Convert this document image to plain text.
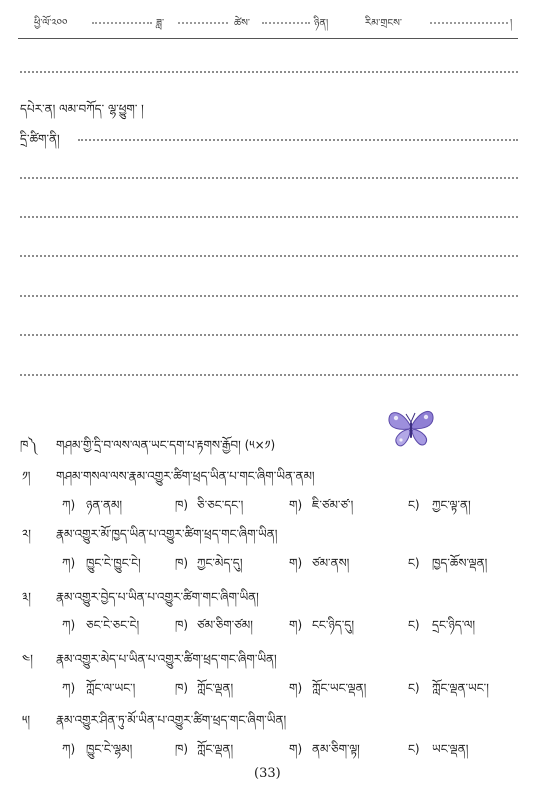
ཕྱི་ལོ་༢༠༠	ཟླ་	ཚེས་	ཉིན།	རིམ་གྲངས་	།
དཔེར་ན། ལམ་བཀོད་ ལྷ་ཕྱུག་ །
དྲི་ཚིག་ནི།
ཁ༽ གཤམ་གྱི་དྲི་བ་ལས་ལན་ཡང་དག་པ་རྟགས་རྒྱོབ། (༥×༡)
༡། གཤམ་གསལ་ལས་རྣམ་འགྱུར་ཚིག་ཕྲད་ཡིན་པ་གང་ཞིག་ཡིན་ནམ།
ཀ) ཉན་ནམ།	ཁ) ཅི་ཅང་དང་།	ག) ཇི་ཙམ་ཙ་།	ང) ཀྱང་ལྟ་ན།
༢། རྣམ་འགྱུར་མོ་ཁྱད་ཡིན་པ་འགྱུར་ཚིག་ཕྲད་གང་ཞིག་ཡིན།
ཀ) ཁྱུང་ངེ་ཁྱུང་ངེ།	ཁ) ཀྱང་མེད་དུ།	ག) ཙམ་ནས།	ང) ཁྱད་ཆོས་ལྡན།
༣། རྣམ་འགྱུར་བྱེད་པ་ཡིན་པ་འགྱུར་ཚིག་གང་ཞིག་ཡིན།
ཀ) ཅང་ངེ་ཅང་ངེ།	ཁ) ཙམ་ཅིག་ཙམ།	ག) ངང་ཉིད་དུ།	ང) དྲང་ཉིད་ལ།
༤། རྣམ་འགྱུར་མེད་པ་ཡིན་པ་འགྱུར་ཚིག་ཕྲད་གང་ཞིག་ཡིན།
ཀ) ཀློང་ལ་ཡང་།	ཁ) ཀློང་ལྡན།	ག) ཀློང་ཡང་ལྡན།	ང) ཀློང་ལྡན་ཡང་།
༥། རྣམ་འགྱུར་ཤིན་ཏུ་མོ་ཡིན་པ་འགྱུར་ཚིག་ཕྲད་གང་ཞིག་ཡིན།
ཀ) ཁྱུང་ངེ་ལྷམ།	ཁ) ཀློང་ལྡན།	ག) ནམ་ཅིག་ལྟ།	ང) ཡང་ལྡན།
(33)
